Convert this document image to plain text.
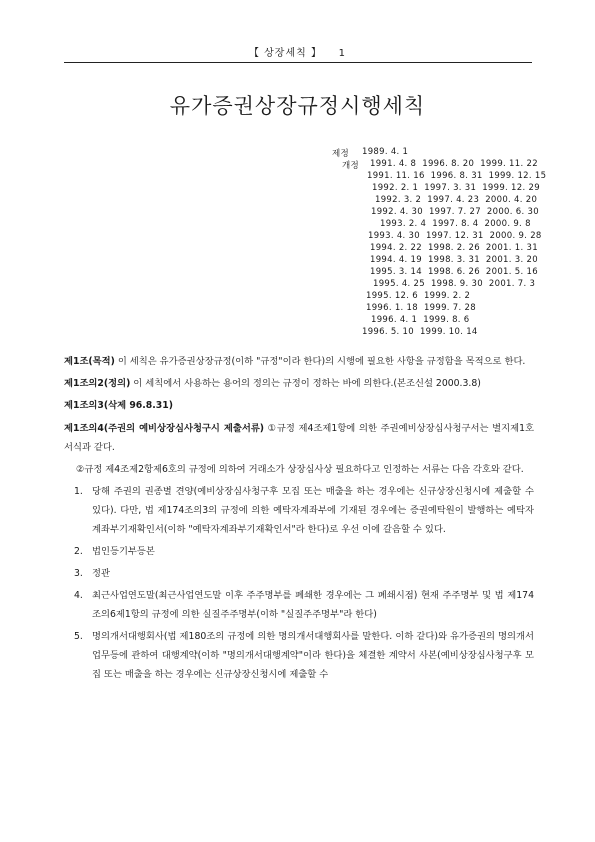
【 상장세칙 】 1
유가증권상장규정시행세칙
제정 1989. 4. 1
개정 1991. 4. 8  1996. 8. 20  1999. 11. 22
1991. 11. 16  1996. 8. 31  1999. 12. 15
1992. 2. 1  1997. 3. 31  1999. 12. 29
1992. 3. 2  1997. 4. 23  2000. 4. 20
1992. 4. 30  1997. 7. 27  2000. 6. 30
1993. 2. 4  1997. 8. 4  2000. 9. 8
1993. 4. 30  1997. 12. 31  2000. 9. 28
1994. 2. 22  1998. 2. 26  2001. 1. 31
1994. 4. 19  1998. 3. 31  2001. 3. 20
1995. 3. 14  1998. 6. 26  2001. 5. 16
1995. 4. 25  1998. 9. 30  2001. 7. 3
1995. 12. 6  1999. 2. 2
1996. 1. 18  1999. 7. 28
1996. 4. 1  1999. 8. 6
1996. 5. 10  1999. 10. 14
제1조(목적) 이 세칙은 유가증권상장규정(이하 "규정"이라 한다)의 시행에 필요한 사항을 규정함을 목적으로 한다.
제1조의2(정의) 이 세칙에서 사용하는 용어의 정의는 규정이 정하는 바에 의한다.(본조신설 2000.3.8)
제1조의3(삭제 96.8.31)
제1조의4(주권의 예비상장심사청구시 제출서류) ①규정 제4조제1항에 의한 주권예비상장심사청구서는 별지제1호서식과 같다.
②규정 제4조제2항제6호의 규정에 의하여 거래소가 상장심사상 필요하다고 인정하는 서류는 다음 각호와 같다.
1. 당해 주권의 권종별 견양(예비상장심사청구후 모집 또는 매출을 하는 경우에는 신규상장신청시에 제출할 수 있다). 다만, 법 제174조의3의 규정에 의한 예탁자계좌부에 기재된 경우에는 증권예탁원이 발행하는 예탁자계좌부기재확인서(이하 "예탁자계좌부기재확인서"라 한다)로 우선 이에 갈음할 수 있다.
2. 법인등기부등본
3. 정관
4. 최근사업연도말(최근사업연도말 이후 주주명부를 폐쇄한 경우에는 그 폐쇄시점) 현재 주주명부 및 법 제174조의6제1항의 규정에 의한 실질주주명부(이하 "실질주주명부"라 한다)
5. 명의개서대행회사(법 제180조의 규정에 의한 명의개서대행회사를 말한다. 이하 같다)와 유가증권의 명의개서업무등에 관하여 대행계약(이하 "명의개서대행계약"이라 한다)을 체결한 계약서 사본(예비상장심사청구후 모집 또는 매출을 하는 경우에는 신규상장신청시에 제출할 수
